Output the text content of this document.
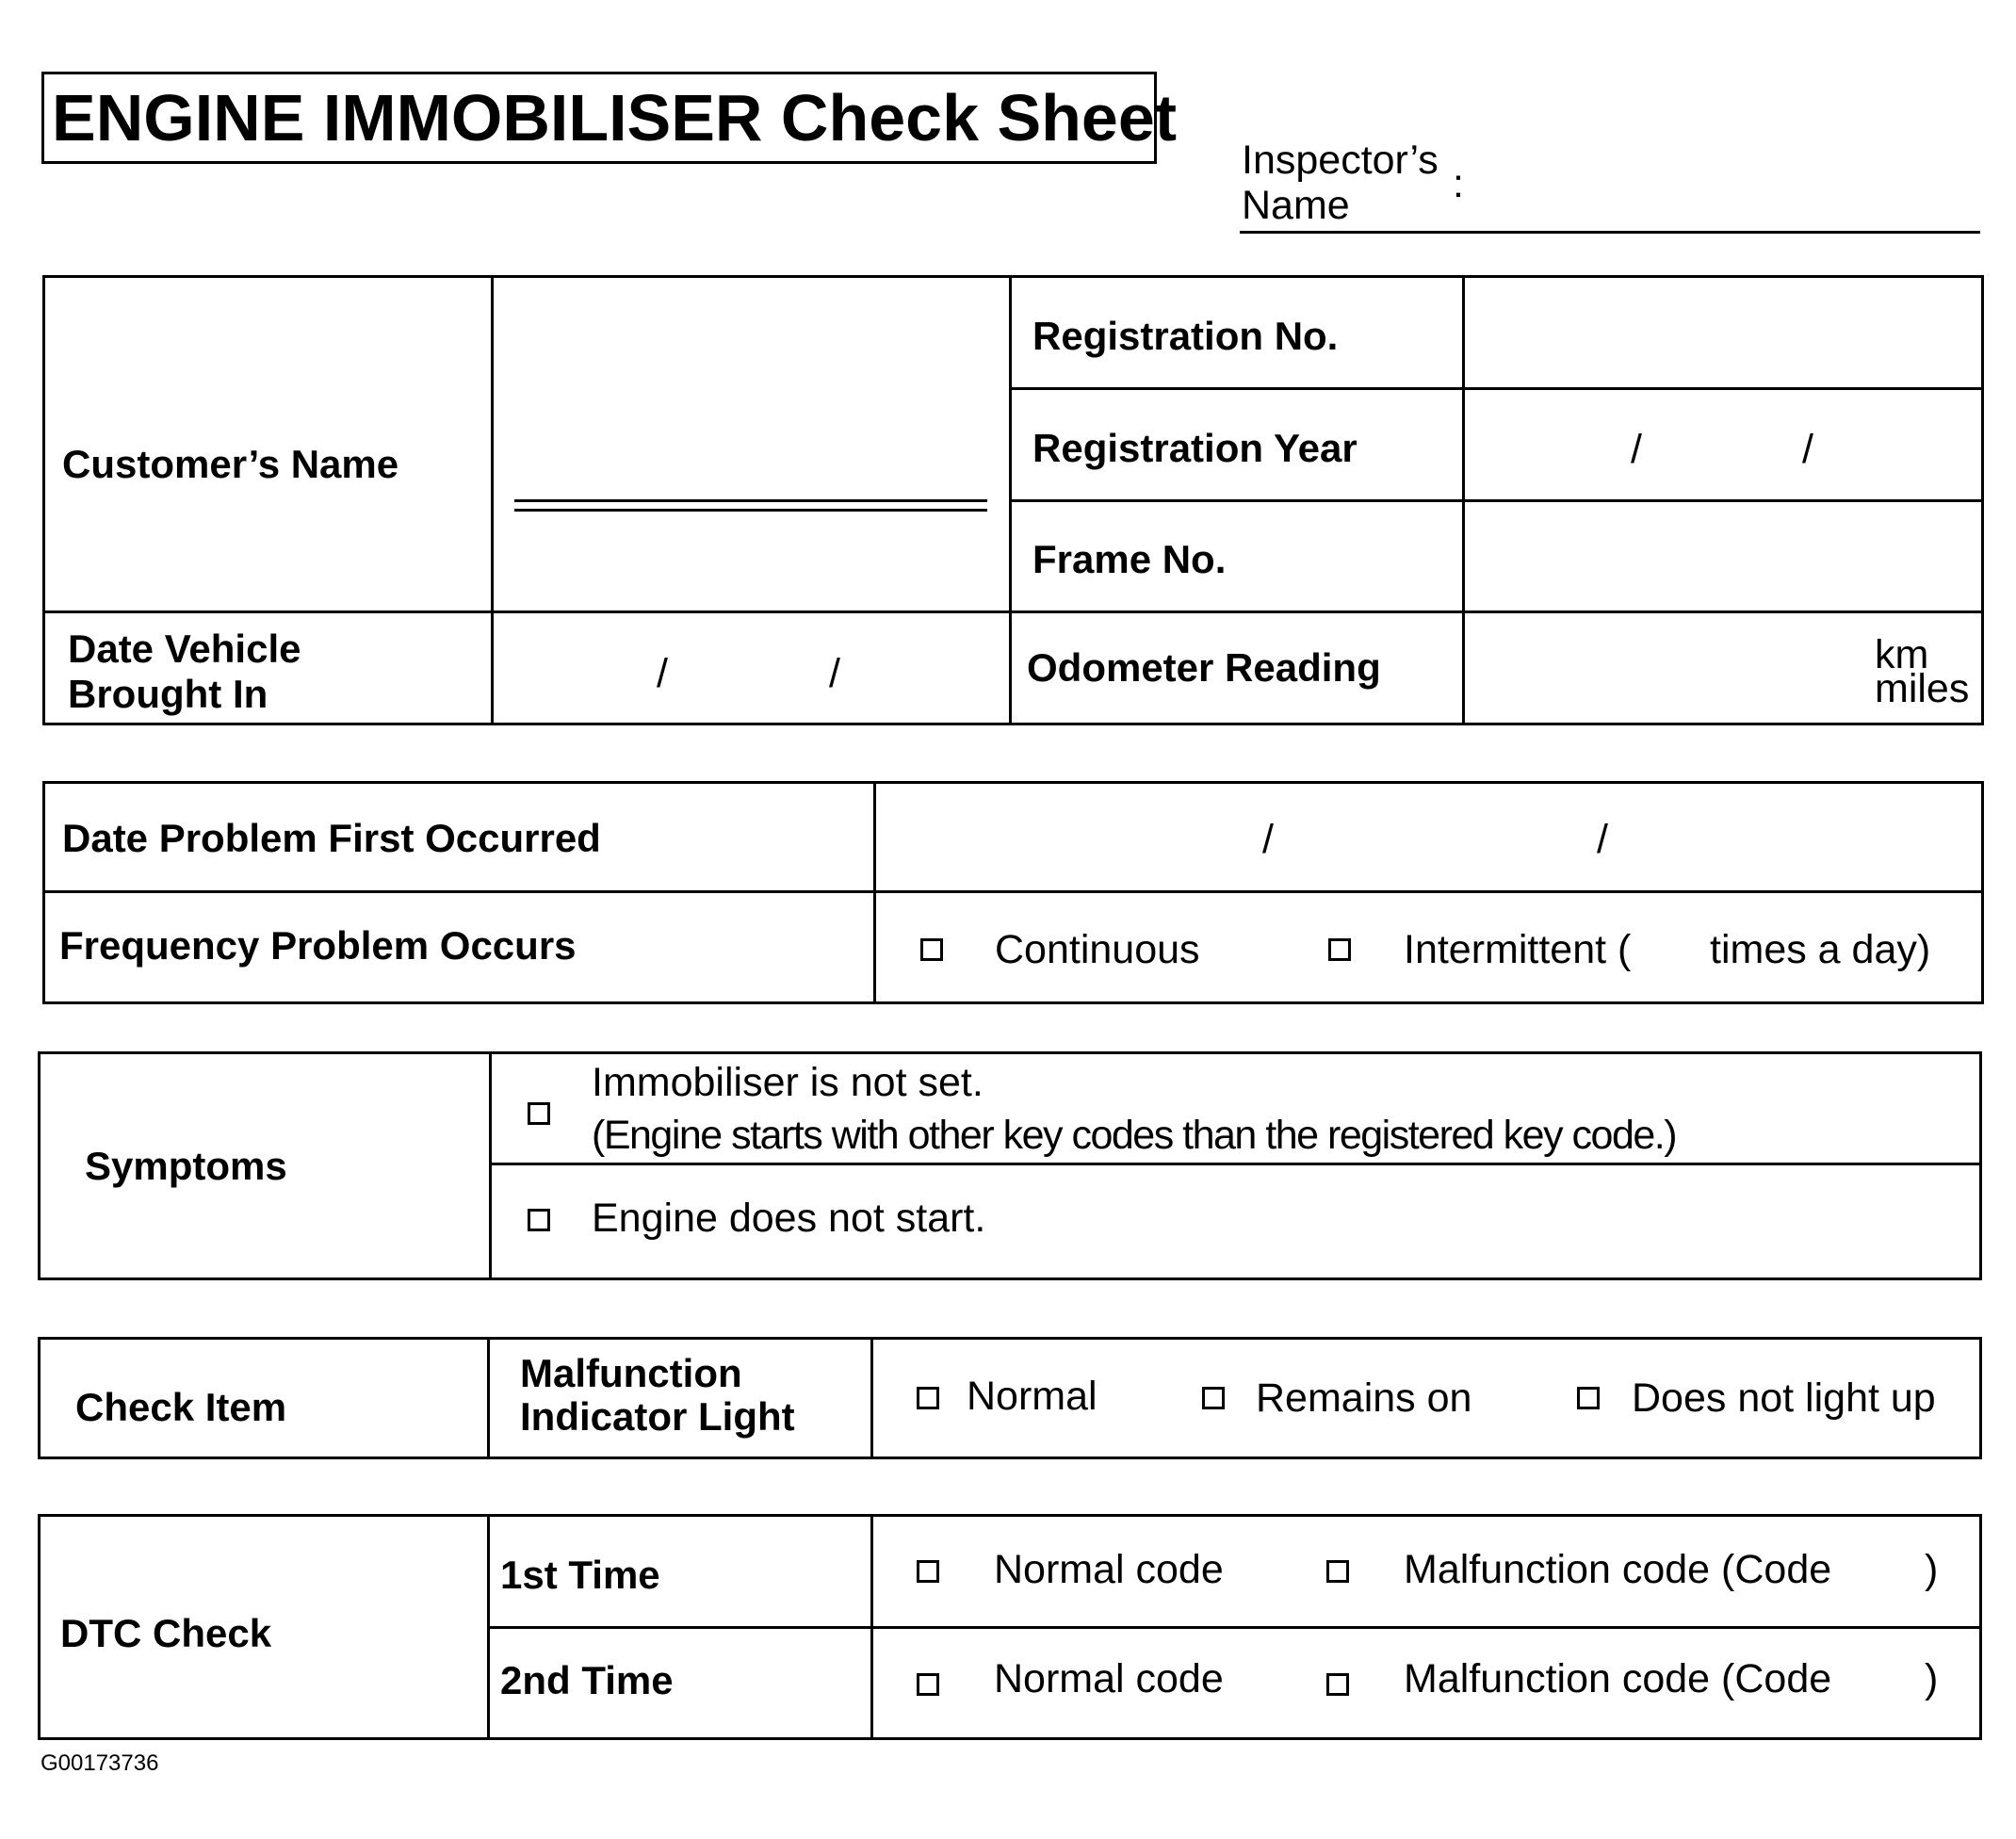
ENGINE IMMOBILISER Check Sheet
Inspector’s
Name	:
Customer’s Name
Registration No.
Registration Year	/	/
Frame No.
Date Vehicle
Brought In	/	/	Odometer Reading	km
miles
Date Problem First Occurred	/	/
Frequency Problem Occurs	Continuous	Intermittent ( times a day)
Symptoms
Immobiliser is not set.
(Engine starts with other key codes than the registered key code.)
Engine does not start.
Check Item
Malfunction
Indicator Light	Normal	Remains on	Does not light up
DTC Check
1st Time	Normal code	Malfunction code (Code )
2nd Time	Normal code	Malfunction code (Code )
G00173736
